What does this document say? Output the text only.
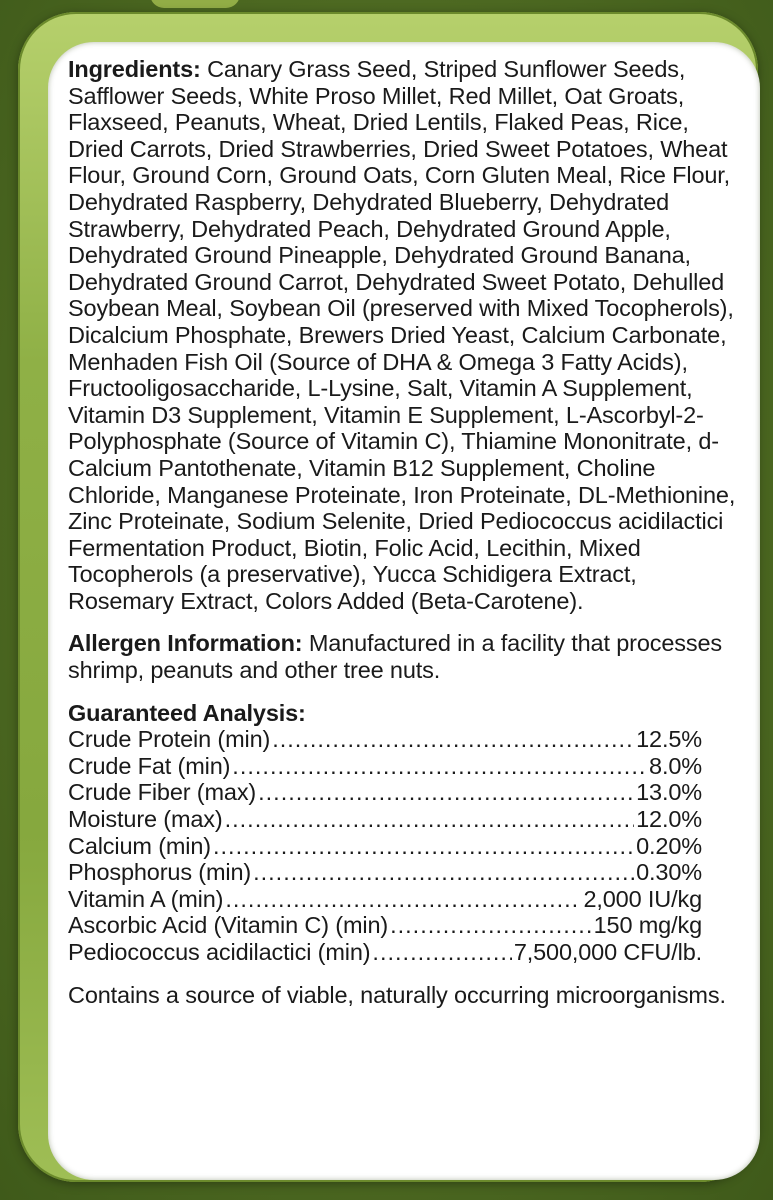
Ingredients: Canary Grass Seed, Striped Sunflower Seeds, Safflower Seeds, White Proso Millet, Red Millet, Oat Groats, Flaxseed, Peanuts, Wheat, Dried Lentils, Flaked Peas, Rice, Dried Carrots, Dried Strawberries, Dried Sweet Potatoes, Wheat Flour, Ground Corn, Ground Oats, Corn Gluten Meal, Rice Flour, Dehydrated Raspberry, Dehydrated Blueberry, Dehydrated Strawberry, Dehydrated Peach, Dehydrated Ground Apple, Dehydrated Ground Pineapple, Dehydrated Ground Banana, Dehydrated Ground Carrot, Dehydrated Sweet Potato, Dehulled Soybean Meal, Soybean Oil (preserved with Mixed Tocopherols), Dicalcium Phosphate, Brewers Dried Yeast, Calcium Carbonate, Menhaden Fish Oil (Source of DHA & Omega 3 Fatty Acids), Fructooligosaccharide, L-Lysine, Salt, Vitamin A Supplement, Vitamin D3 Supplement, Vitamin E Supplement, L-Ascorbyl-2-Polyphosphate (Source of Vitamin C), Thiamine Mononitrate, d-Calcium Pantothenate, Vitamin B12 Supplement, Choline Chloride, Manganese Proteinate, Iron Proteinate, DL-Methionine, Zinc Proteinate, Sodium Selenite, Dried Pediococcus acidilactici Fermentation Product, Biotin, Folic Acid, Lecithin, Mixed Tocopherols (a preservative), Yucca Schidigera Extract, Rosemary Extract, Colors Added (Beta-Carotene).

Allergen Information: Manufactured in a facility that processes shrimp, peanuts and other tree nuts.

Guaranteed Analysis:

Crude Protein (min) .....	12.5%
Crude Fat (min) .....	8.0%
Crude Fiber (max) .....	13.0%
Moisture (max) .....	12.0%
Calcium (min) .....	0.20%
Phosphorus (min) .....	0.30%
Vitamin A (min) .....	2,000 IU/kg
Ascorbic Acid (Vitamin C) (min) .....	150 mg/kg
Pediococcus acidilactici (min) .....	7,500,000 CFU/lb.

Contains a source of viable, naturally occurring microorganisms.
